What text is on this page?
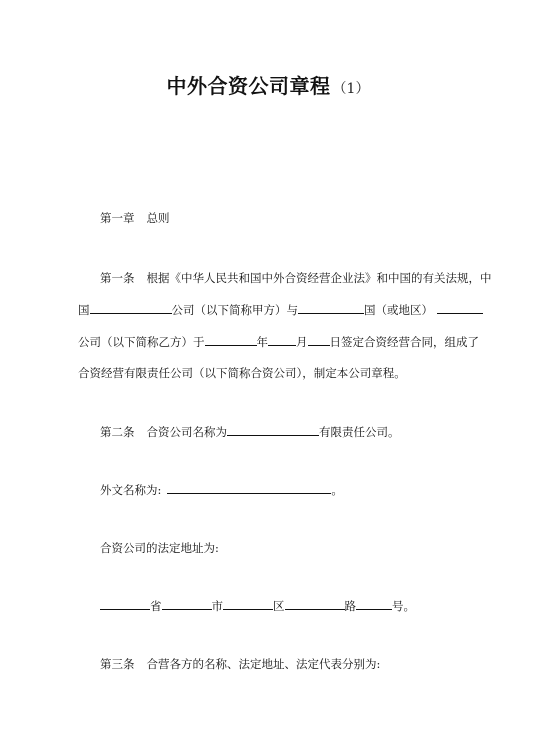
中外合资公司章程 （1）
第一章 总则
第一条 根据《中华人民共和国中外合资经营企业法》和中国的有关法规，中
国	公司（以下简称甲方）与	国（或地区）
公司（以下简称乙方）于	年 月 日签定合资经营合同，组成了
合资经营有限责任公司（以下简称合资公司），制定本公司章程。
第二条 合资公司名称为	有限责任公司。
外文名称为:	。
合资公司的法定地址为:
省	市	区	路	号。
第三条 合营各方的名称、法定地址、法定代表分别为:
